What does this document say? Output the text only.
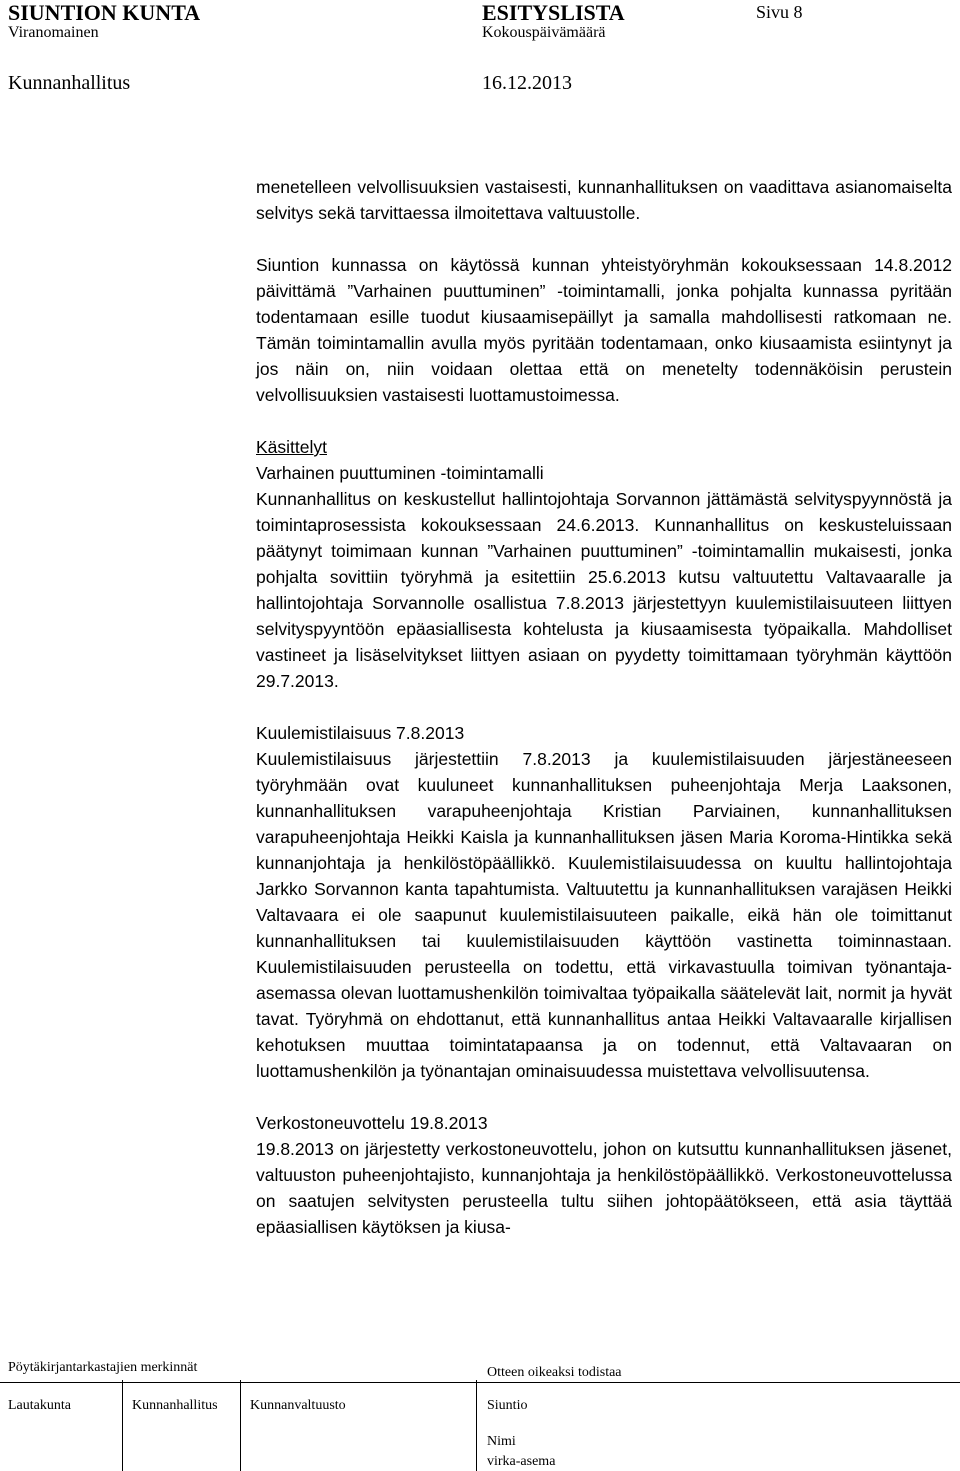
SIUNTION KUNTA	ESITYSLISTA	Sivu 8
Viranomainen	Kokouspäivämäärä
Kunnanhallitus	16.12.2013

menetelleen velvollisuuksien vastaisesti, kunnanhallituksen on vaadittava asianomaiselta selvitys sekä tarvittaessa ilmoitettava valtuustolle.

Siuntion kunnassa on käytössä kunnan yhteistyöryhmän kokouksessaan 14.8.2012 päivittämä ”Varhainen puuttuminen” -toimintamalli, jonka pohjalta kunnassa pyritään todentamaan esille tuodut kiusaamisepäillyt ja samalla mahdollisesti ratkomaan ne. Tämän toimintamallin avulla myös pyritään todentamaan, onko kiusaamista esiintynyt ja jos näin on, niin voidaan olettaa että on menetelty todennäköisin perustein velvollisuuksien vastaisesti luottamustoimessa.

Käsittelyt

Varhainen puuttuminen -toimintamalli

Kunnanhallitus on keskustellut hallintojohtaja Sorvannon jättämästä selvityspyynnöstä ja toimintaprosessista kokouksessaan 24.6.2013. Kunnanhallitus on keskusteluissaan päätynyt toimimaan kunnan ”Varhainen puuttuminen” -toimintamallin mukaisesti, jonka pohjalta sovittiin työryhmä ja esitettiin 25.6.2013 kutsu valtuutettu Valtavaaralle ja hallintojohtaja Sorvannolle osallistua 7.8.2013 järjestettyyn kuulemistilaisuuteen liittyen selvityspyyntöön epäasiallisesta kohtelusta ja kiusaamisesta työpaikalla. Mahdolliset vastineet ja lisäselvitykset liittyen asiaan on pyydetty toimittamaan työryhmän käyttöön 29.7.2013.

Kuulemistilaisuus 7.8.2013

Kuulemistilaisuus järjestettiin 7.8.2013 ja kuulemistilaisuuden järjestäneeseen työryhmään ovat kuuluneet kunnanhallituksen puheenjohtaja Merja Laaksonen, kunnanhallituksen varapuheenjohtaja Kristian Parviainen, kunnanhallituksen varapuheenjohtaja Heikki Kaisla ja kunnanhallituksen jäsen Maria Koroma-Hintikka sekä kunnanjohtaja ja henkilöstöpäällikkö. Kuulemistilaisuudessa on kuultu hallintojohtaja Jarkko Sorvannon kanta tapahtumista. Valtuutettu ja kunnanhallituksen varajäsen Heikki Valtavaara ei ole saapunut kuulemistilaisuuteen paikalle, eikä hän ole toimittanut kunnanhallituksen tai kuulemistilaisuuden käyttöön vastinetta toiminnastaan. Kuulemistilaisuuden perusteella on todettu, että virkavastuulla toimivan työnantaja-asemassa olevan luottamushenkilön toimivaltaa työpaikalla säätelevät lait, normit ja hyvät tavat. Työryhmä on ehdottanut, että kunnanhallitus antaa Heikki Valtavaaralle kirjallisen kehotuksen muuttaa toimintatapaansa ja on todennut, että Valtavaaran on luottamushenkilön ja työnantajan ominaisuudessa muistettava velvollisuutensa.

Verkostoneuvottelu 19.8.2013

19.8.2013 on järjestetty verkostoneuvottelu, johon on kutsuttu kunnanhallituksen jäsenet, valtuuston puheenjohtajisto, kunnanjohtaja ja henkilöstöpäällikkö. Verkostoneuvottelussa on saatujen selvitysten perusteella tultu siihen johtopäätökseen, että asia täyttää epäasiallisen käytöksen ja kiusa-

Pöytäkirjantarkastajien merkinnät
Lautakunta	Kunnanhallitus Kunnanvaltuusto
Otteen oikeaksi todistaa
Siuntio
Nimi
virka-asema
